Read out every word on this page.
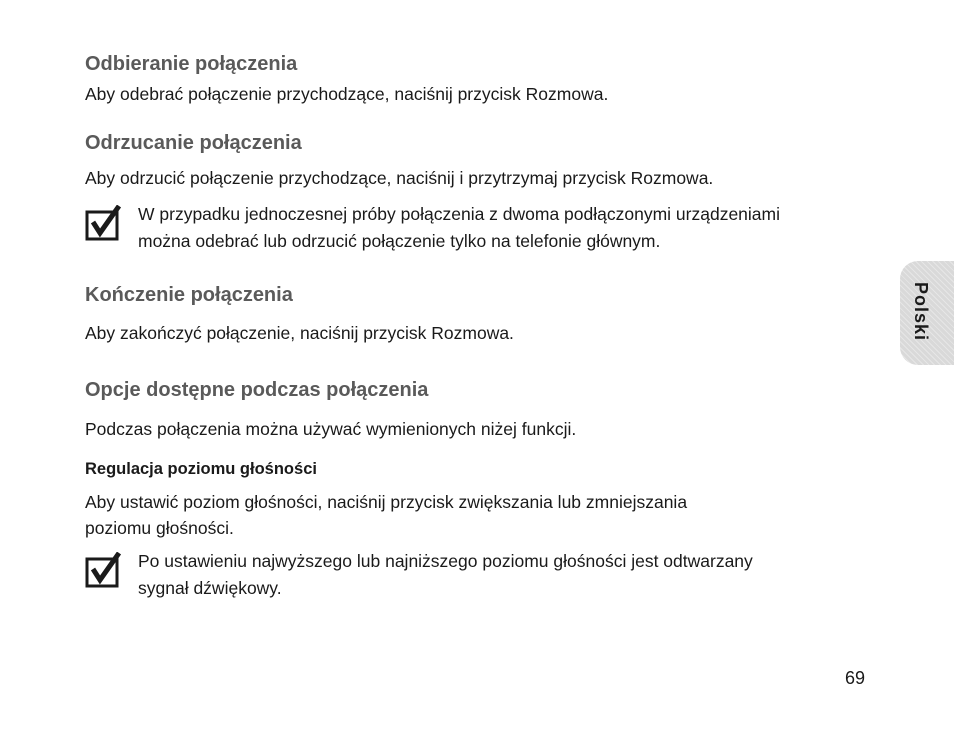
Odbieranie połączenia

Aby odebrać połączenie przychodzące, naciśnij przycisk Rozmowa.

Odrzucanie połączenia

Aby odrzucić połączenie przychodzące, naciśnij i przytrzymaj przycisk Rozmowa.

W przypadku jednoczesnej próby połączenia z dwoma podłączonymi urządzeniami
można odebrać lub odrzucić połączenie tylko na telefonie głównym.
Kończenie połączenia

Aby zakończyć połączenie, naciśnij przycisk Rozmowa.

Opcje dostępne podczas połączenia

Podczas połączenia można używać wymienionych niżej funkcji.

Regulacja poziomu głośności

Aby ustawić poziom głośności, naciśnij przycisk zwiększania lub zmniejszania

poziomu głośności.

Po ustawieniu najwyższego lub najniższego poziomu głośności jest odtwarzany
sygnał dźwiękowy.
Polski
69
